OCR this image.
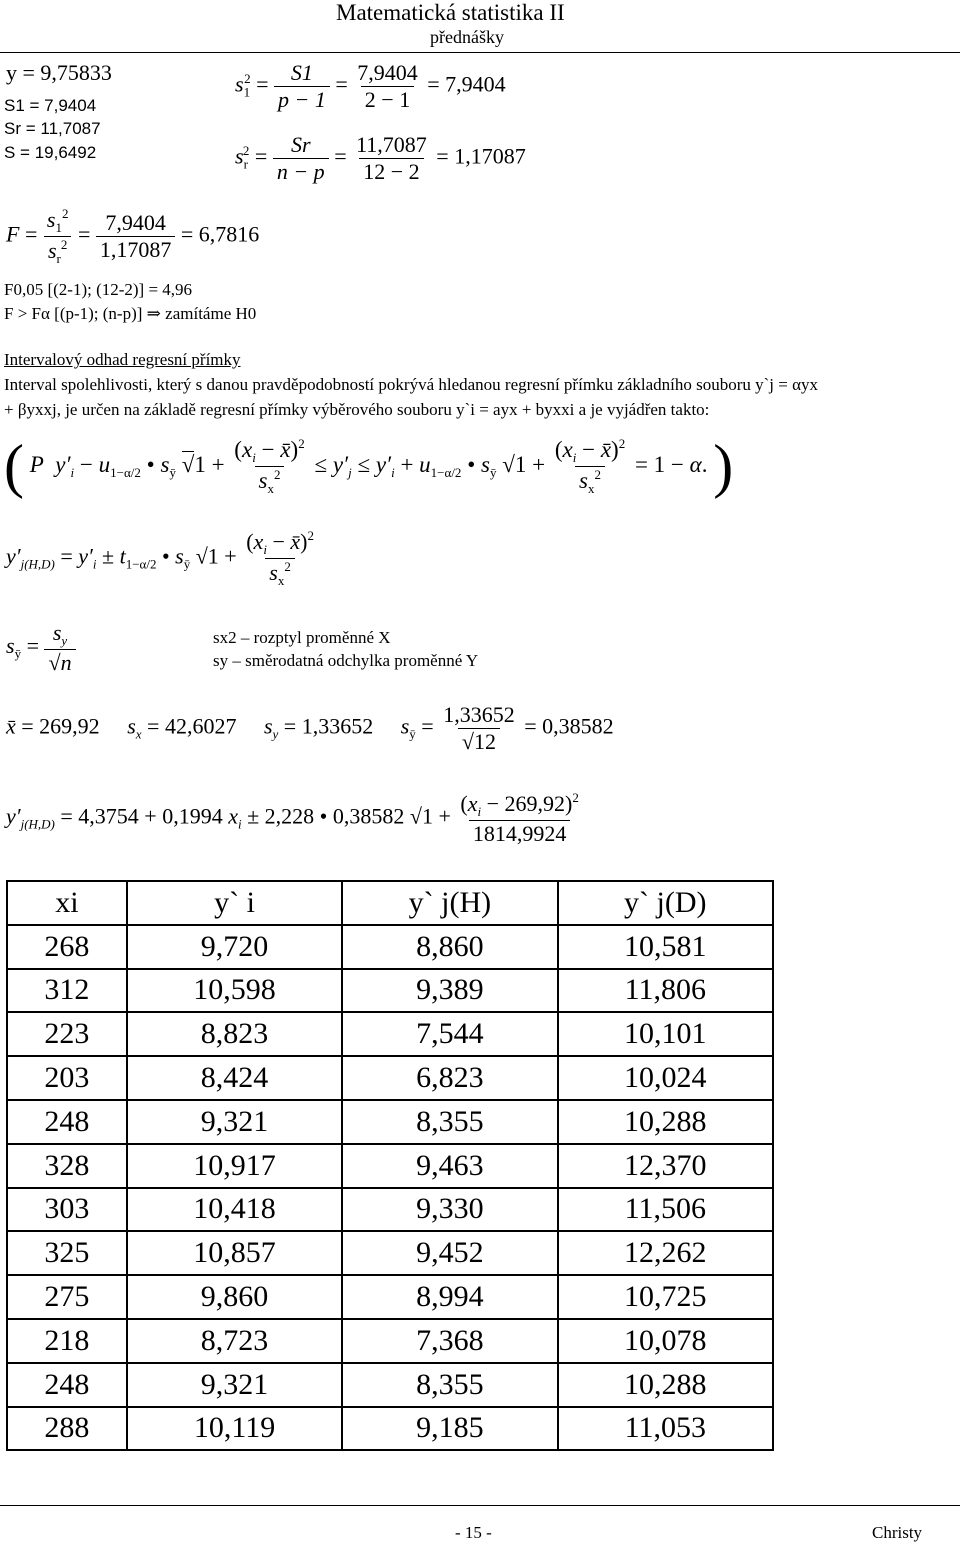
Matematická statistika II
přednášky
y = 9,75833
S1 = 7,9404
Sr = 11,7087
S = 19,6492
$s_1^2 = \frac{S1}{p - 1} = \frac{7,9404}{2 - 1} = 7,9404$
$s_r^2 = \frac{Sr}{n - p} = \frac{11,7087}{12 - 2} = 1,17087$
$F = \frac{s_1^2}{s_r^2} = \frac{7,9404}{1,17087} = 6,7816$
F0,05 [(2-1); (12-2)] = 4,96
F > Fα [(p-1); (n-p)] ⇒ zamítáme H0
Intervalový odhad regresní přímky
Interval spolehlivosti, který s danou pravděpodobností pokrývá hledanou regresní přímku základního souboru y`j = αyx
+ βyxxj, je určen na základě regresní přímky výběrového souboru y`i = ayx + byxxi a je vyjádřen takto:
( P $y'_i - u_{1-\alpha/2}$ • $s_ȳ$ $√1 + \frac{(x_i - x̄)^2}{s_x^2} \le y'_j \le y'_i + u_{1-\alpha/2}$ • $s_ȳ$ $√1 + \frac{(x_i - x̄)^2}{s_x^2} = 1 - \alpha$. )
$y'_{j(H,D)} = y'_i \pm t_{1-\alpha/2}$ • $s_ȳ$ $√1 + \frac{(x_i - x̄)^2}{s_x^2}$
$s_ȳ = \frac{s_y}{√n}$	sx2 – rozptyl proměnné X
sy – směrodatná odchylka proměnné Y
x̄ = 269,92 $s_x = 42,6027$ $s_y = 1,33652$ $s_ȳ = \frac{1,33652}{√12} = 0,38582$
$y'_{j(H,D)} = 4,3754 + 0,1994$ $x_i \pm 2,228$ • 0,38582 $√1 + \frac{(x_i - 269,92)^2}{1814,9924}$
xi	y` i	y` j(H)	y` j(D)
268	9,720	8,860	10,581
312	10,598	9,389	11,806
223	8,823	7,544	10,101
203	8,424	6,823	10,024
248	9,321	8,355	10,288
328	10,917	9,463	12,370
303	10,418	9,330	11,506
325	10,857	9,452	12,262
275	9,860	8,994	10,725
218	8,723	7,368	10,078
248	9,321	8,355	10,288
288	10,119	9,185	11,053
- 15 -	Christy
